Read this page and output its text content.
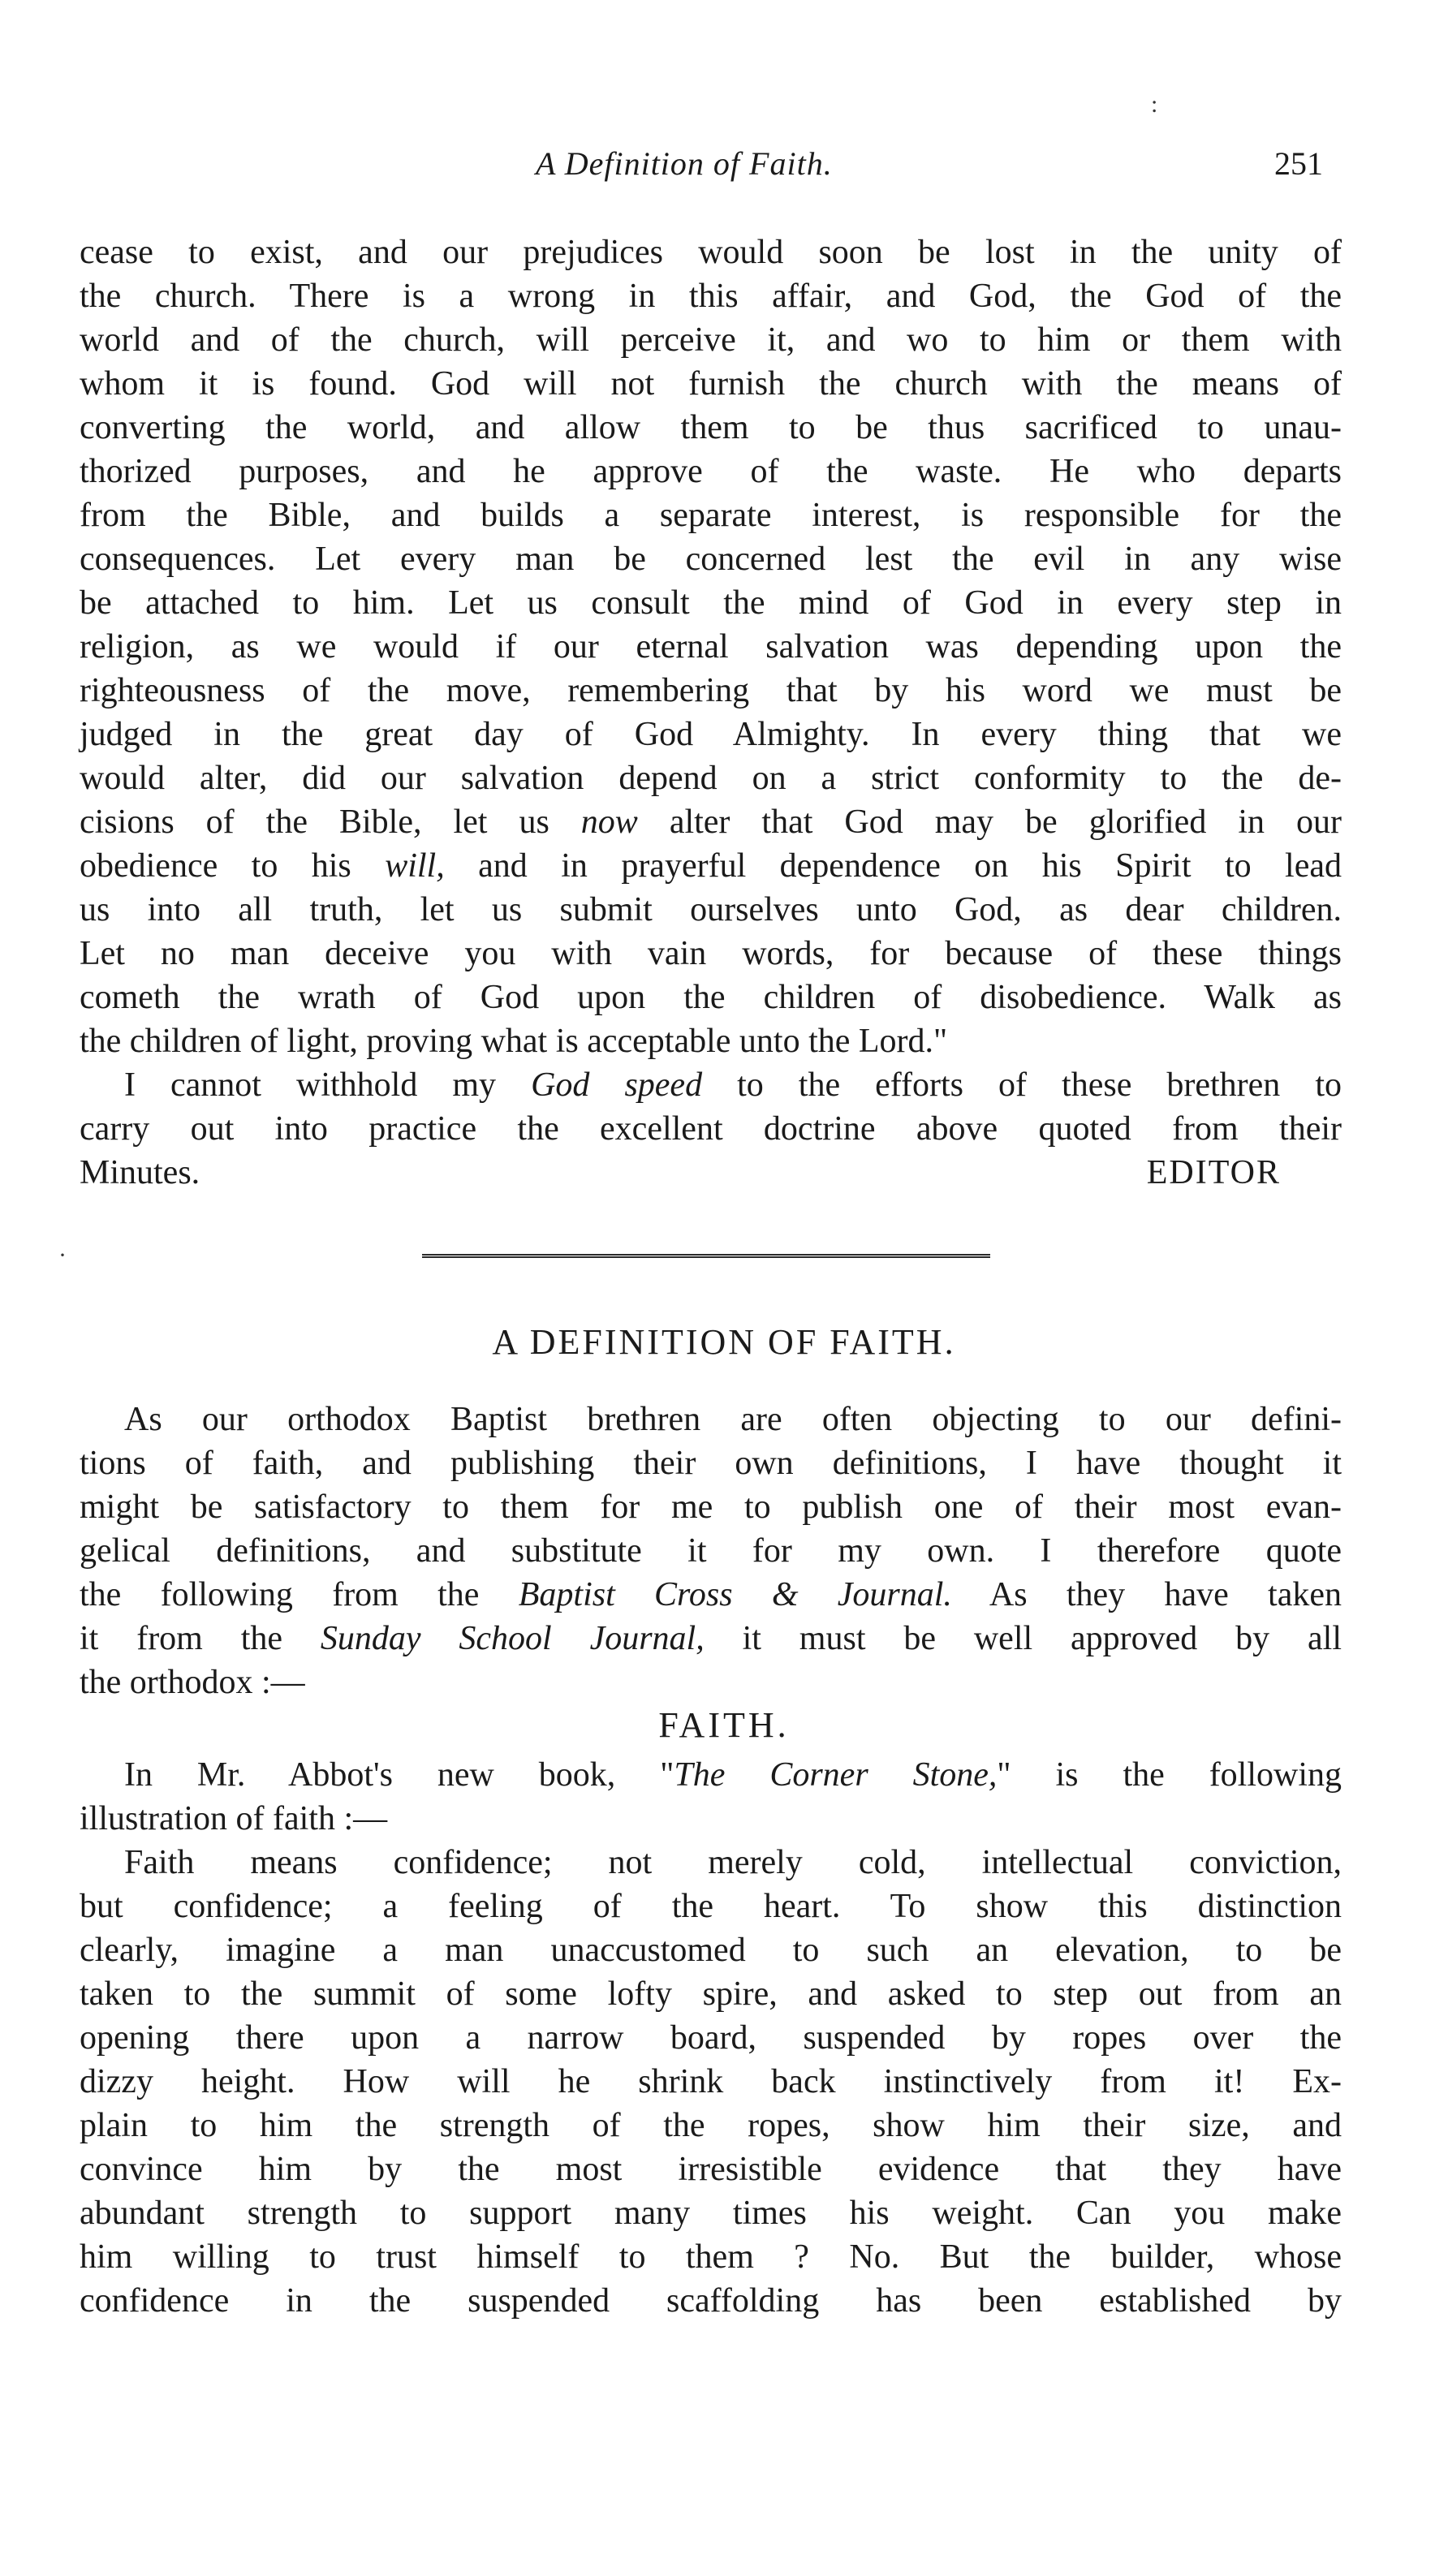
A Definition of Faith.	251
:
cease to exist, and our prejudices would soon be lost in the unity of
the church. There is a wrong in this affair, and God, the God of the
world and of the church, will perceive it, and wo to him or them with
whom it is found. God will not furnish the church with the means of
converting the world, and allow them to be thus sacrificed to unau-
thorized purposes, and he approve of the waste. He who departs
from the Bible, and builds a separate interest, is responsible for the
consequences. Let every man be concerned lest the evil in any wise
be attached to him. Let us consult the mind of God in every step in
religion, as we would if our eternal salvation was depending upon the
righteousness of the move, remembering that by his word we must be
judged in the great day of God Almighty. In every thing that we
would alter, did our salvation depend on a strict conformity to the de-
cisions of the Bible, let us now alter that God may be glorified in our
obedience to his will, and in prayerful dependence on his Spirit to lead
us into all truth, let us submit ourselves unto God, as dear children.
Let no man deceive you with vain words, for because of these things
cometh the wrath of God upon the children of disobedience. Walk as
the children of light, proving what is acceptable unto the Lord."
I cannot withhold my God speed to the efforts of these brethren to
carry out into practice the excellent doctrine above quoted from their
Minutes.	EDITOR
·
A DEFINITION OF FAITH.
As our orthodox Baptist brethren are often objecting to our defini-
tions of faith, and publishing their own definitions, I have thought it
might be satisfactory to them for me to publish one of their most evan-
gelical definitions, and substitute it for my own. I therefore quote
the following from the Baptist Cross & Journal. As they have taken
it from the Sunday School Journal, it must be well approved by all
the orthodox :—
FAITH.
In Mr. Abbot's new book, "The Corner Stone," is the following
illustration of faith :—
Faith means confidence; not merely cold, intellectual conviction,
but confidence; a feeling of the heart. To show this distinction
clearly, imagine a man unaccustomed to such an elevation, to be
taken to the summit of some lofty spire, and asked to step out from an
opening there upon a narrow board, suspended by ropes over the
dizzy height. How will he shrink back instinctively from it! Ex-
plain to him the strength of the ropes, show him their size, and
convince him by the most irresistible evidence that they have
abundant strength to support many times his weight. Can you make
him willing to trust himself to them ? No. But the builder, whose
confidence in the suspended scaffolding has been established by
